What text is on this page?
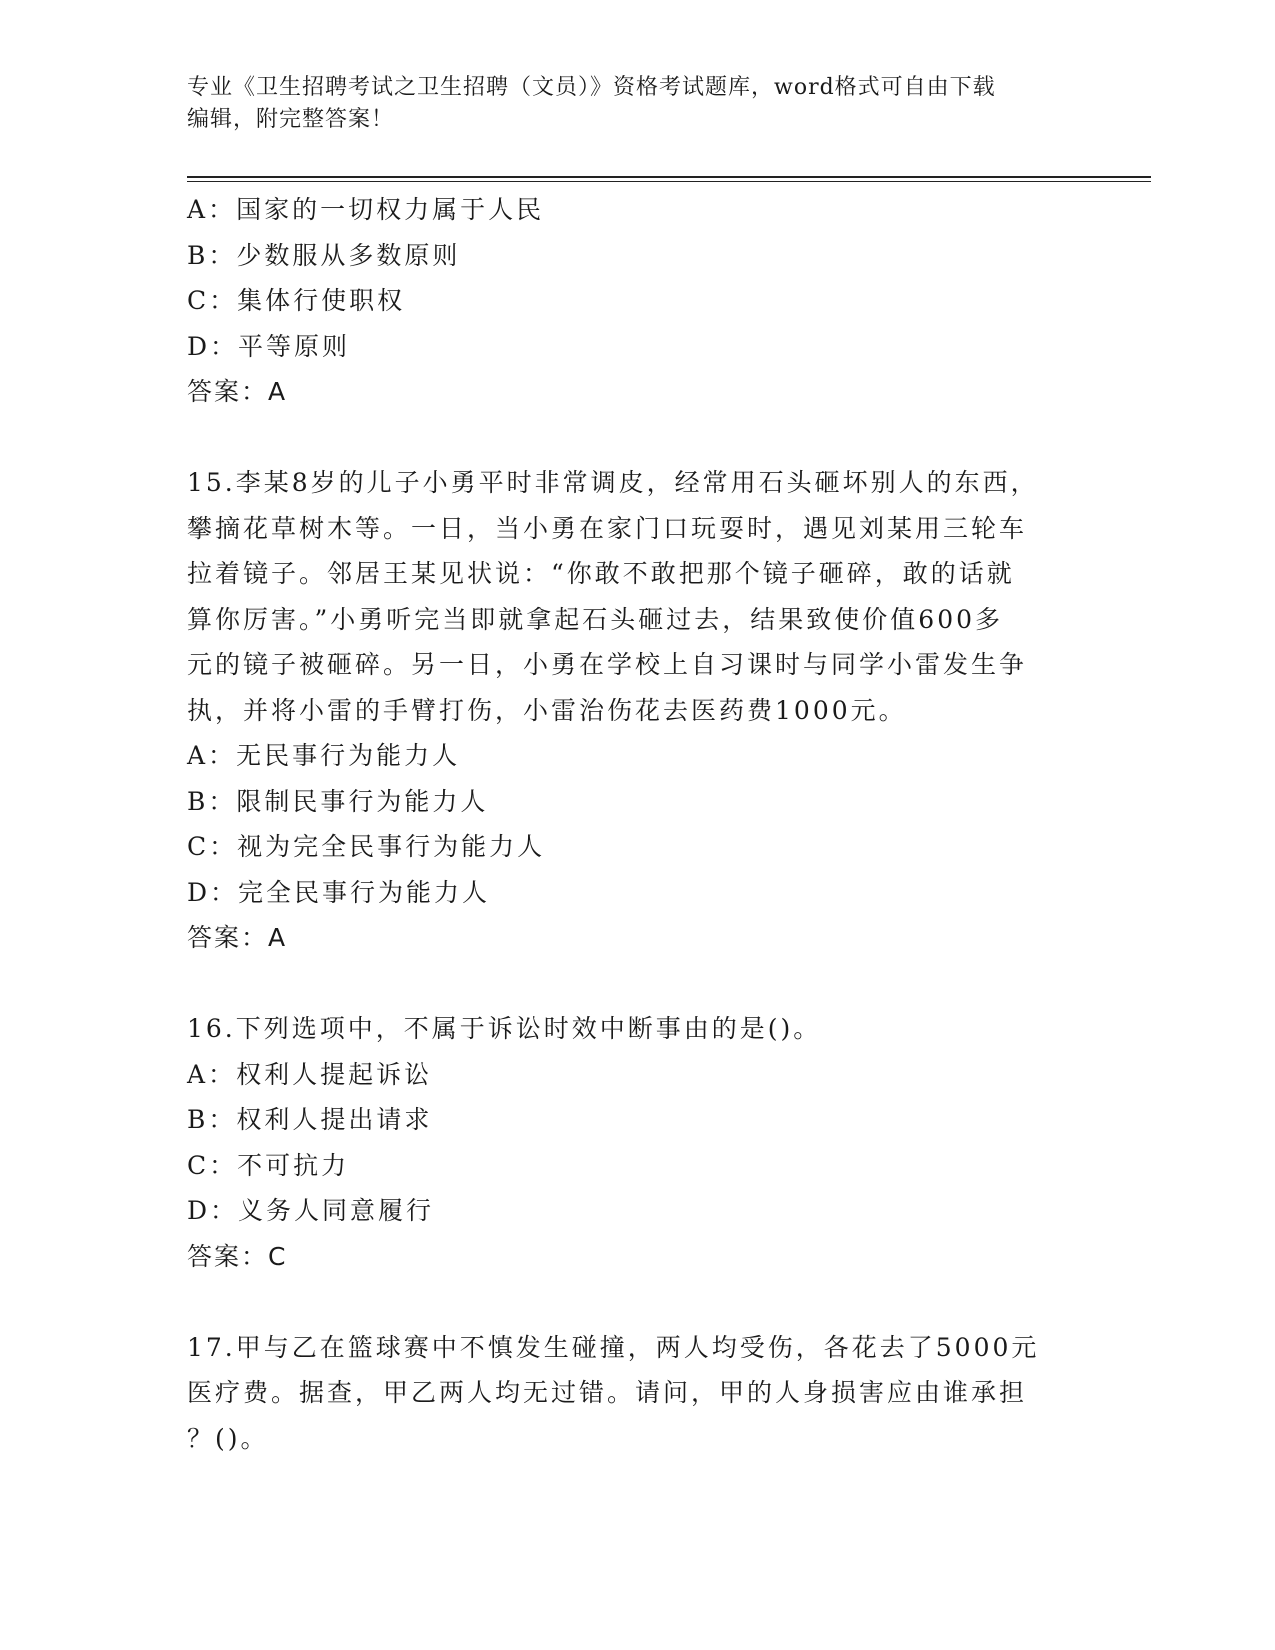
专业《卫生招聘考试之卫生招聘（文员）》资格考试题库，word格式可自由下载
编辑，附完整答案！
A：国家的一切权力属于人民
B：少数服从多数原则
C：集体行使职权
D：平等原则
答案：A
15.李某8岁的儿子小勇平时非常调皮，经常用石头砸坏别人的东西，
攀摘花草树木等。一日，当小勇在家门口玩耍时，遇见刘某用三轮车
拉着镜子。邻居王某见状说：“你敢不敢把那个镜子砸碎，敢的话就
算你厉害。”小勇听完当即就拿起石头砸过去，结果致使价值600多
元的镜子被砸碎。另一日，小勇在学校上自习课时与同学小雷发生争
执，并将小雷的手臂打伤，小雷治伤花去医药费1000元。
A：无民事行为能力人
B：限制民事行为能力人
C：视为完全民事行为能力人
D：完全民事行为能力人
答案：A
16.下列选项中，不属于诉讼时效中断事由的是()。
A：权利人提起诉讼
B：权利人提出请求
C：不可抗力
D：义务人同意履行
答案：C
17.甲与乙在篮球赛中不慎发生碰撞，两人均受伤，各花去了5000元
医疗费。据查，甲乙两人均无过错。请问，甲的人身损害应由谁承担
？()。
